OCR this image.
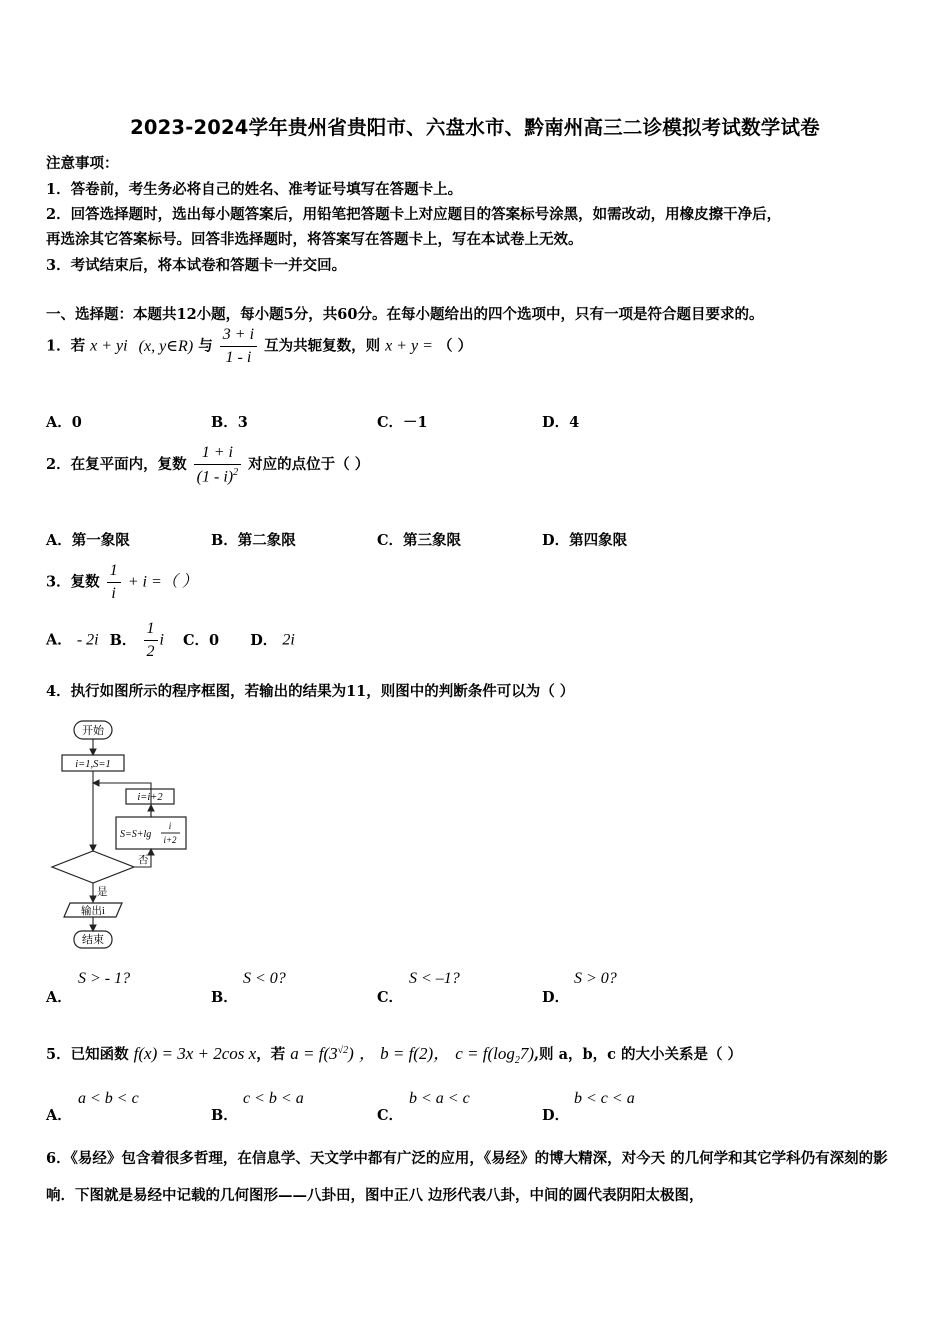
2023-2024学年贵州省贵阳市、六盘水市、黔南州高三二诊模拟考试数学试卷
注意事项：
1．答卷前，考生务必将自己的姓名、准考证号填写在答题卡上。
2．回答选择题时，选出每小题答案后，用铅笔把答题卡上对应题目的答案标号涂黑，如需改动，用橡皮擦干净后，
再选涂其它答案标号。回答非选择题时，将答案写在答题卡上，写在本试卷上无效。
3．考试结束后，将本试卷和答题卡一并交回。
一、选择题：本题共12小题，每小题5分，共60分。在每小题给出的四个选项中，只有一项是符合题目要求的。
1．若 x + yi (x, y∈R) 与 $\frac{3 + i}{1 - i}$ 互为共轭复数，则 x + y = （ ）
A．0	B．3	C．－1	D．4
2．在复平面内，复数 $\frac{1 + i}{(1 - i)^2}$ 对应的点位于（ ）
A．第一象限	B．第二象限	C．第三象限	D．第四象限
3．复数 $\frac{1}{i} + i$ =（ ）
A． - 2i B． $\frac{1}{2}$ i C．0 D． 2i
4．执行如图所示的程序框图，若输出的结果为11，则图中的判断条件可以为（ ）
开始
i=1,S=1
i=i+2
S=S+lg
i
i+2
否
是
输出i
结束
A．
S > - 1?
B．
S < 0?
C．
S < –1?
D．
S > 0?
5．已知函数 f(x) = 3x + 2cos x，若 $a = f(3^{√2})$ ， b = f(2)， $c = f(\log_27)$,则 a，b，c 的大小关系是（ ）
A．
a < b < c
B．
c < b < a
C．
b < a < c
D．
b < c < a
6．《易经》包含着很多哲理，在信息学、天文学中都有广泛的应用，《易经》的博大精深，对今天 的几何学和其它学科仍有深刻的影响．下图就是易经中记载的几何图形——八卦田，图中正八 边形代表八卦，中间的圆代表阴阳太极图，
